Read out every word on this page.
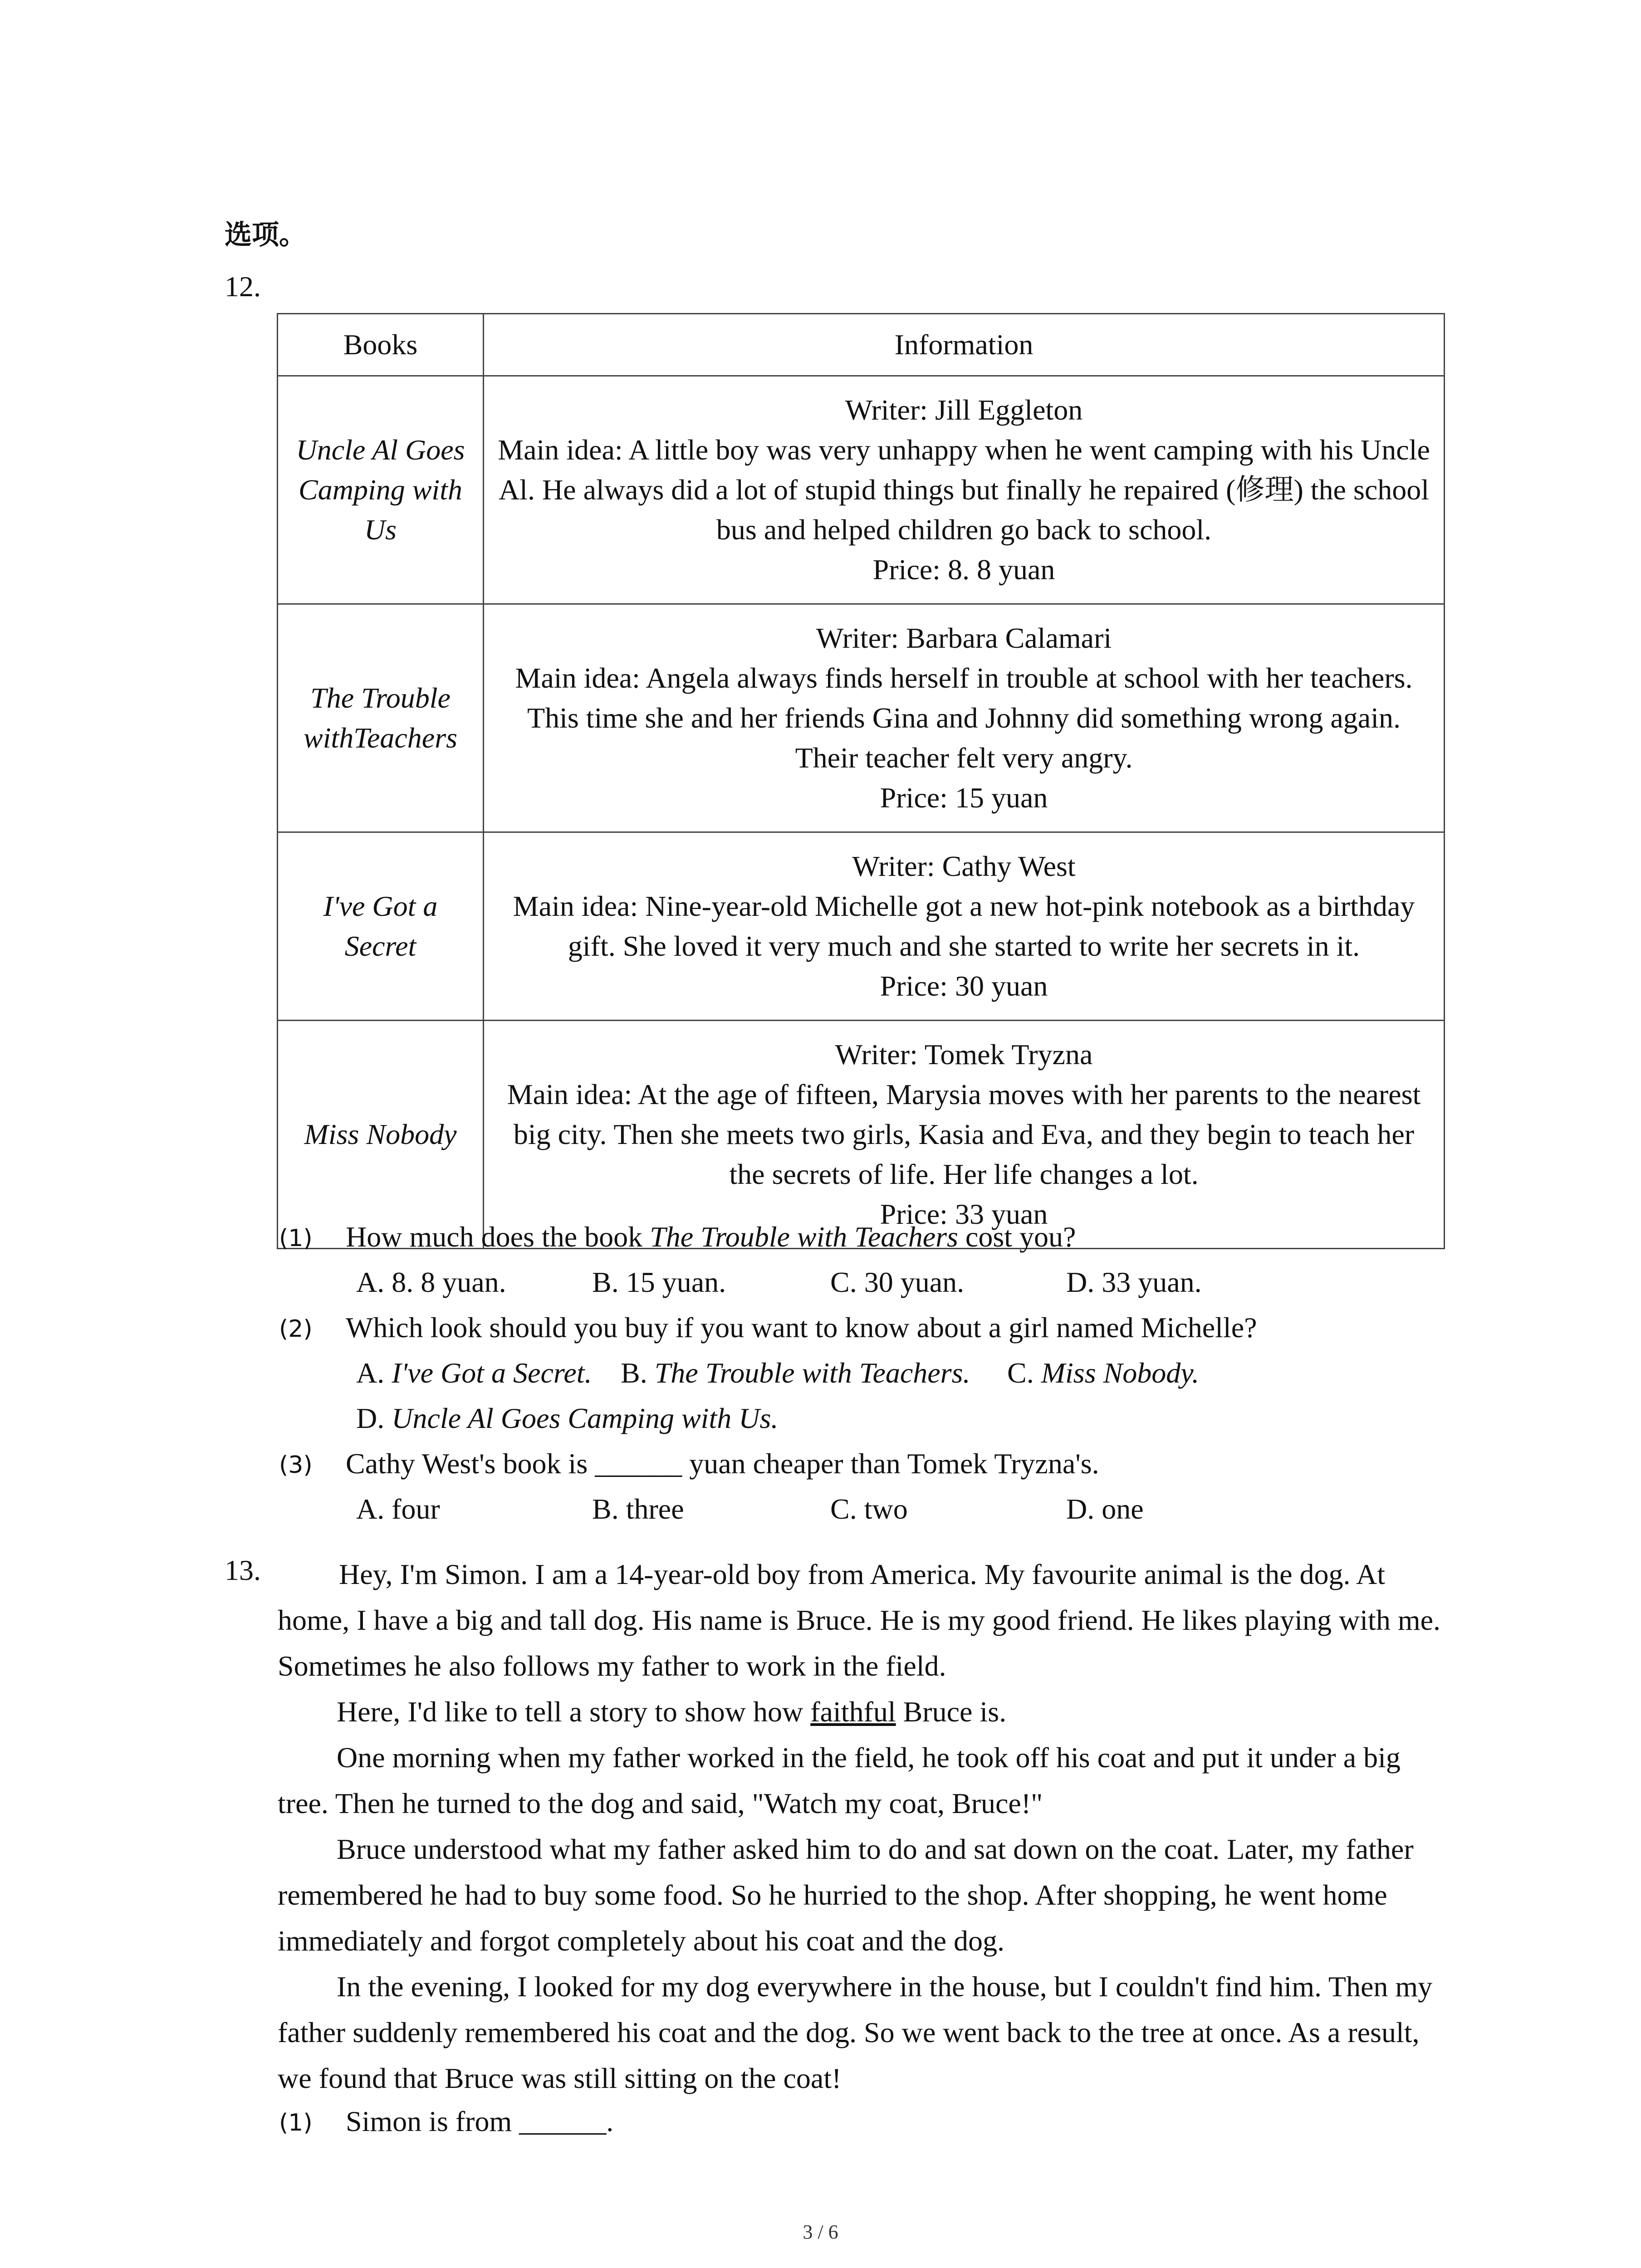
选项。
12.
Books	Information
Uncle Al Goes Camping with Us	Writer: Jill Eggleton
Main idea: A little boy was very unhappy when he went camping with his Uncle Al. He always did a lot of stupid things but finally he repaired (修理) the school bus and helped children go back to school.
Price: 8. 8 yuan

The Trouble withTeachers	Writer: Barbara Calamari
Main idea: Angela always finds herself in trouble at school with her teachers. This time she and her friends Gina and Johnny did something wrong again. Their teacher felt very angry.
Price: 15 yuan

I've Got a Secret	Writer: Cathy West
Main idea: Nine-year-old Michelle got a new hot-pink notebook as a birthday gift. She loved it very much and she started to write her secrets in it.
Price: 30 yuan

Miss Nobody	Writer: Tomek Tryzna
Main idea: At the age of fifteen, Marysia moves with her parents to the nearest big city. Then she meets two girls, Kasia and Eva, and they begin to teach her the secrets of life. Her life changes a lot.
Price: 33 yuan
(1) How much does the book The Trouble with Teachers cost you?
A. 8. 8 yuan.	B. 15 yuan.	C. 30 yuan.	D. 33 yuan.
(2) Which look should you buy if you want to know about a girl named Michelle?
A. I've Got a Secret. B. The Trouble with Teachers. C. Miss Nobody.
D. Uncle Al Goes Camping with Us.
(3) Cathy West's book is ______ yuan cheaper than Tomek Tryzna's.
A. four	B. three	C. two	D. one
13.	Hey, I'm Simon. I am a 14-year-old boy from America. My favourite animal is the dog. At home, I have a big and tall dog. His name is Bruce. He is my good friend. He likes playing with me. Sometimes he also follows my father to work in the field.

Here, I'd like to tell a story to show how faithful Bruce is.

One morning when my father worked in the field, he took off his coat and put it under a big tree. Then he turned to the dog and said, "Watch my coat, Bruce!"

Bruce understood what my father asked him to do and sat down on the coat. Later, my father remembered he had to buy some food. So he hurried to the shop. After shopping, he went home immediately and forgot completely about his coat and the dog.

In the evening, I looked for my dog everywhere in the house, but I couldn't find him. Then my father suddenly remembered his coat and the dog. So we went back to the tree at once. As a result, we found that Bruce was still sitting on the coat!

(1) Simon is from ______.
3 / 6
